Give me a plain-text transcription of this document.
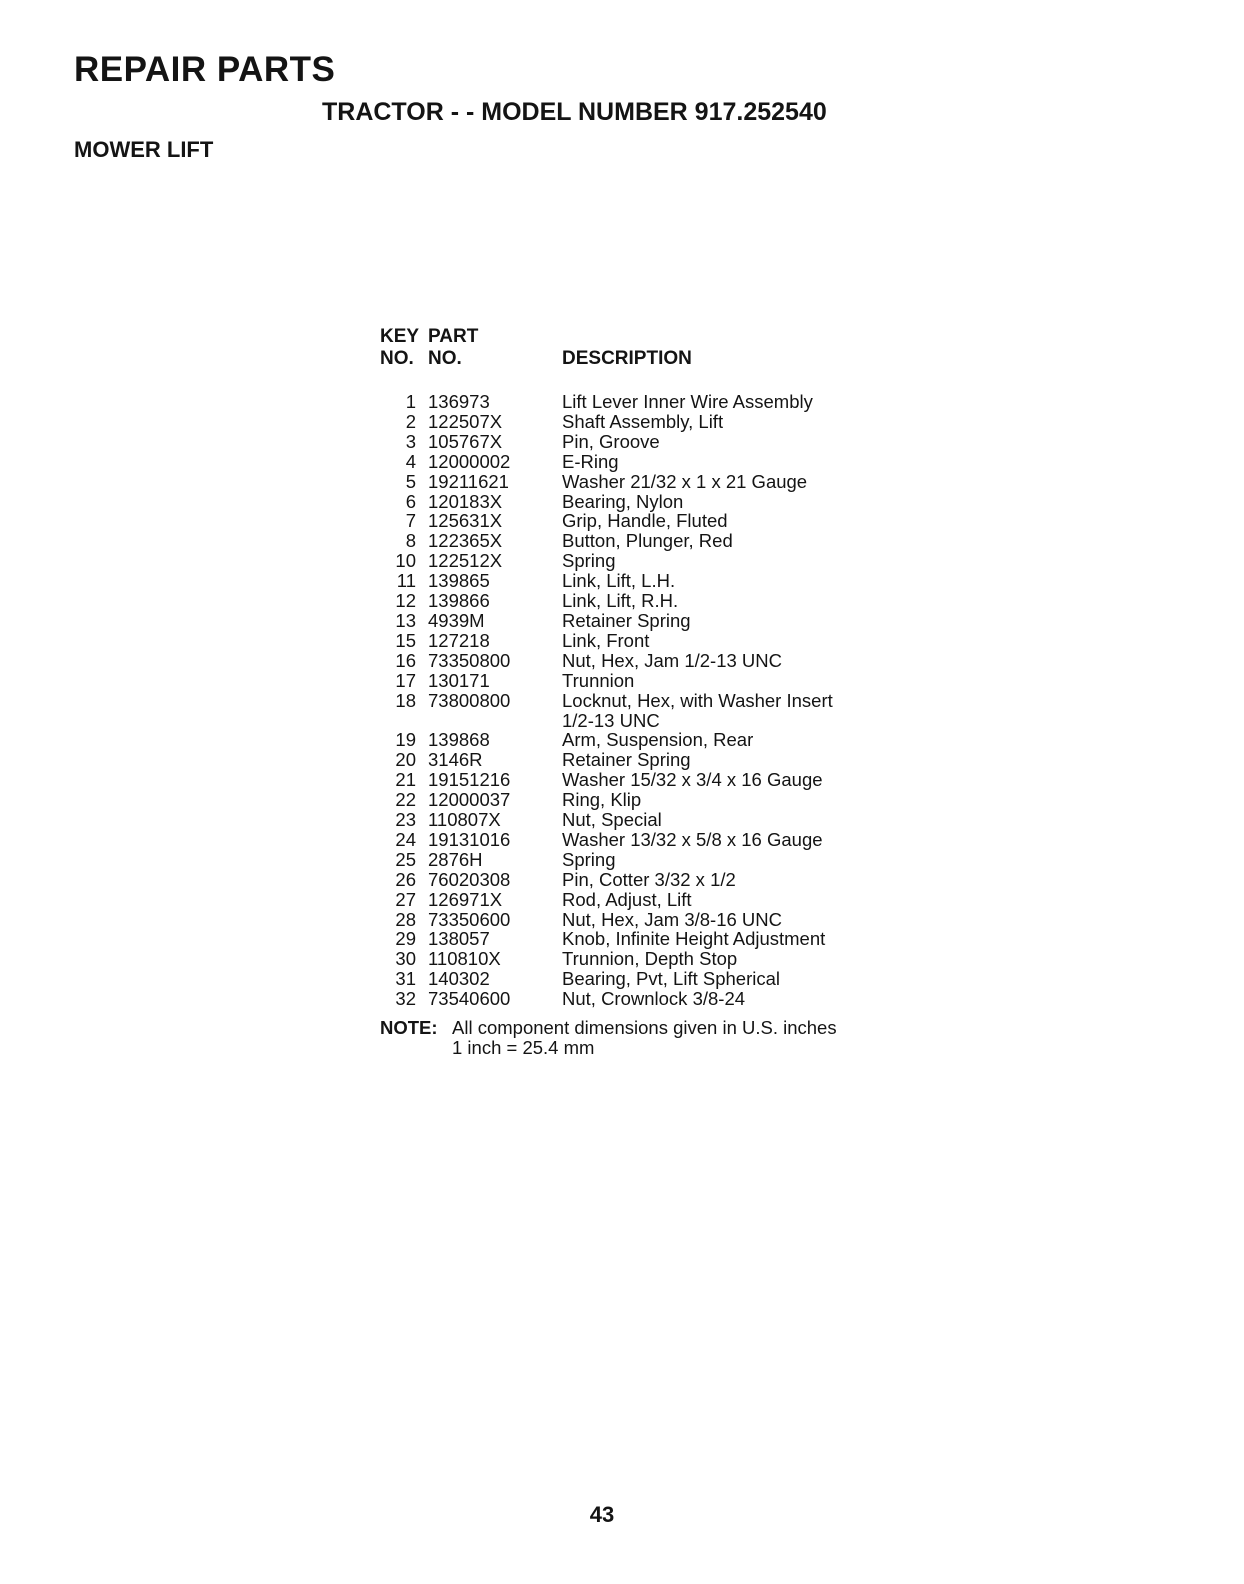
REPAIR PARTS
TRACTOR - - MODEL NUMBER 917.252540
MOWER LIFT
KEY	PART	
NO.	NO.	DESCRIPTION

1	136973	Lift Lever Inner Wire Assembly

2	122507X	Shaft Assembly, Lift

3	105767X	Pin, Groove

4	12000002	E-Ring

5	19211621	Washer 21/32 x 1 x 21 Gauge

6	120183X	Bearing, Nylon

7	125631X	Grip, Handle, Fluted

8	122365X	Button, Plunger, Red

10	122512X	Spring

11	139865	Link, Lift, L.H.

12	139866	Link, Lift, R.H.

13	4939M	Retainer Spring

15	127218	Link, Front

16	73350800	Nut, Hex, Jam 1/2-13 UNC

17	130171	Trunnion

18	73800800	Locknut, Hex, with Washer Insert
1/2-13 UNC

19	139868	Arm, Suspension, Rear

20	3146R	Retainer Spring

21	19151216	Washer 15/32 x 3/4 x 16 Gauge

22	12000037	Ring, Klip

23	110807X	Nut, Special

24	19131016	Washer 13/32 x 5/8 x 16 Gauge

25	2876H	Spring

26	76020308	Pin, Cotter 3/32 x 1/2

27	126971X	Rod, Adjust, Lift

28	73350600	Nut, Hex, Jam 3/8-16 UNC

29	138057	Knob, Infinite Height Adjustment

30	110810X	Trunnion, Depth Stop

31	140302	Bearing, Pvt, Lift Spherical

32	73540600	Nut, Crownlock 3/8-24
NOTE: All component dimensions given in U.S. inches
1 inch = 25.4 mm
43
